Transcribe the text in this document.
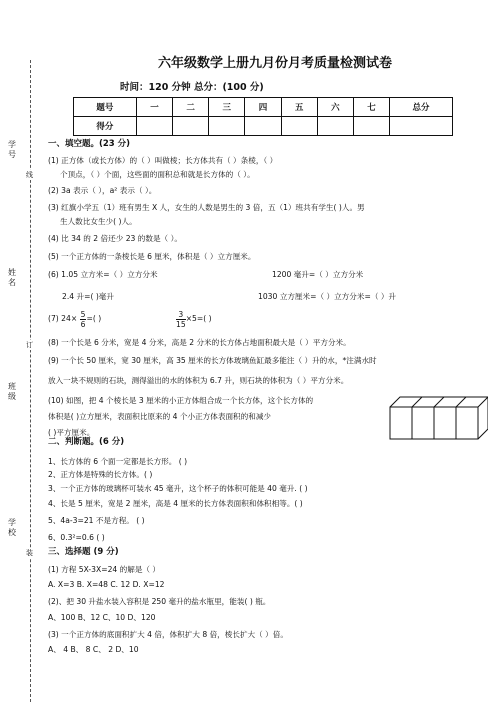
学号
姓名
班级
学校
线
订
装
六年级数学上册九月份月考质量检测试卷
时间：120 分钟 总分：(100 分)
题号	一	二	三	四	五	六	七	总分
得分								
一、填空题。(23 分)
(1) 正方体（或长方体）的（ ）叫做棱；长方体共有（ ）条棱，（ ）
个顶点，（ ）个面，这些面的面积总和就是长方体的（ ）。
(2) 3a 表示（ ），a² 表示（ ）。
(3) 红旗小学五（1）班有男生 X 人，女生的人数是男生的 3 倍，五（1）班共有学生( )人。男
生人数比女生少( )人。
(4) 比 34 的 2 倍还少 23 的数是（ ）。
(5) 一个正方体的一条棱长是 6 厘米，体积是（ ）立方厘米。
(6) 1.05 立方米=（ ）立方分米	1200 毫升=（ ）立方分米
2.4 升=( )毫升	1030 立方厘米=（ ）立方分米=（ ）升
(7) $24\times \frac{5}{6}$ =( )	$\frac{3}{15} \times 5=$( )
(8) 一个长是 6 分米，宽是 4 分米，高是 2 分米的长方体占地面积最大是（ ）平方分米。
(9) 一个长 50 厘米，宽 30 厘米，高 35 厘米的长方体玻璃鱼缸最多能注（ ）升的水，*注满水时
放入一块不规则的石块，测得溢出的水的体积为 6.7 升，则石块的体积为（ ）平方分米。
(10) 如图，把 4 个棱长是 3 厘米的小正方体组合成一个长方体，这个长方体的
体积是( )立方厘米，表面积比原来的 4 个小正方体表面积的和减少
( )平方厘米。
二、判断题。(6 分)
1、长方体的 6 个面一定都是长方形。 ( )
2、正方体是特殊的长方体。( )
3、一个正方体的玻璃杯可装水 45 毫升，这个杯子的体积可能是 40 毫升. ( )
4、长是 5 厘米，宽是 2 厘米，高是 4 厘米的长方体表面积和体积相等。( )
5、4a-3=21 不是方程。 ( )
6、0.3²=0.6 ( )
三、选择题 (9 分)
(1) 方程 5X-3X=24 的解是（ ）
A. X=3 B. X=48 C. 12 D. X=12
(2)、把 30 升盐水装入容积是 250 毫升的盐水瓶里，能装( ) 瓶。
A、100 B、12 C、10 D、120
(3) 一个正方体的底面积扩大 4 倍，体积扩大 8 倍，棱长扩大（ ）倍。
A、 4 B、 8 C、 2 D、10
